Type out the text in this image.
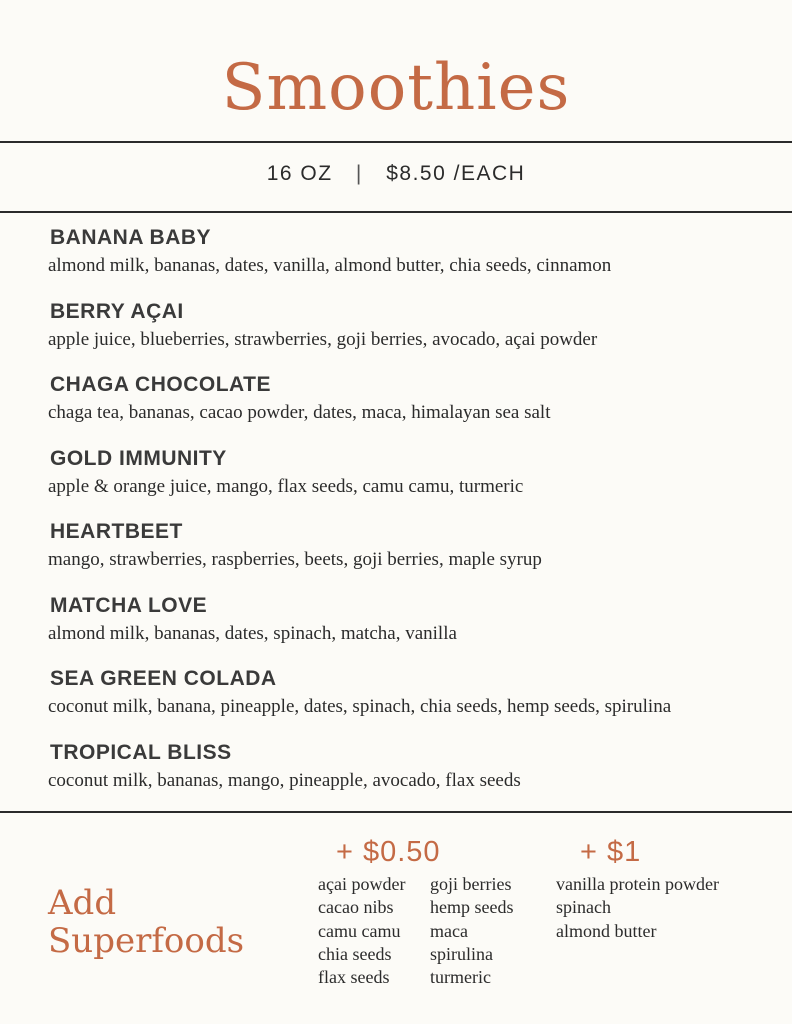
Smoothies
16 OZ | $8.50 /EACH
BANANA BABY
almond milk, bananas, dates, vanilla, almond butter, chia seeds, cinnamon
BERRY AÇAI
apple juice, blueberries, strawberries, goji berries, avocado, açai powder
CHAGA CHOCOLATE
chaga tea, bananas, cacao powder, dates, maca, himalayan sea salt
GOLD IMMUNITY
apple & orange juice, mango, flax seeds, camu camu, turmeric
HEARTBEET
mango, strawberries, raspberries, beets, goji berries, maple syrup
MATCHA LOVE
almond milk, bananas, dates, spinach, matcha, vanilla
SEA GREEN COLADA
coconut milk, banana, pineapple, dates, spinach, chia seeds, hemp seeds, spirulina
TROPICAL BLISS
coconut milk, bananas, mango, pineapple, avocado, flax seeds
Add
Superfoods
+ $0.50	+ $1
açai powder
cacao nibs
camu camu
chia seeds
flax seeds
goji berries
hemp seeds
maca
spirulina
turmeric
vanilla protein powder
spinach
almond butter
